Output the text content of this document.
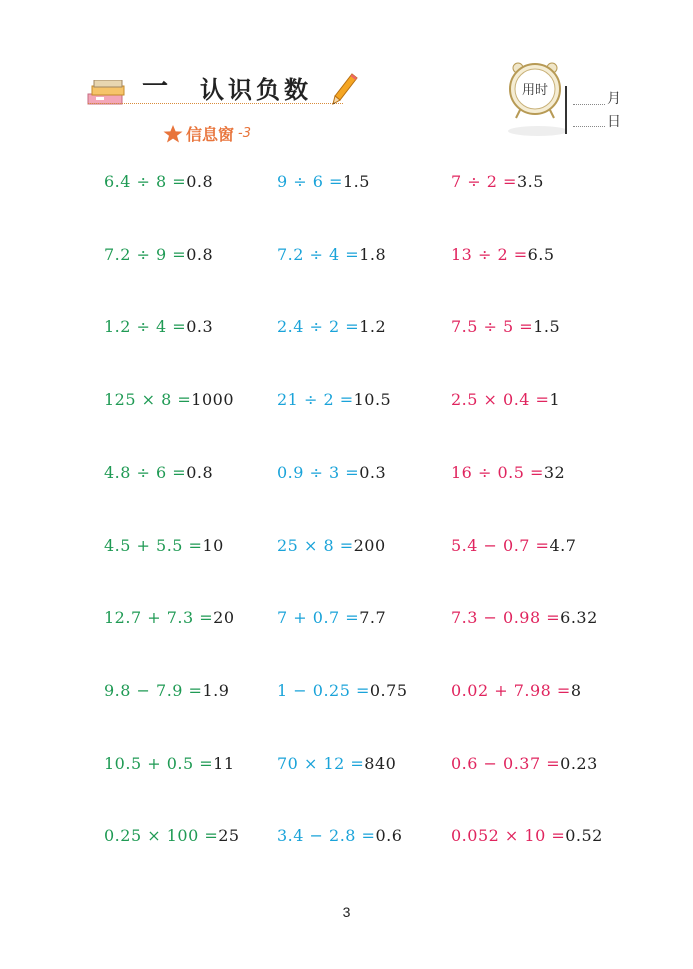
一 认识负数
信息窗 -3
用时
月
日
6.4 ÷ 8 =0.8
7.2 ÷ 9 =0.8
1.2 ÷ 4 =0.3
125 × 8 =1000
4.8 ÷ 6 =0.8
4.5 + 5.5 =10
12.7 + 7.3 =20
9.8 − 7.9 =1.9
10.5 + 0.5 =11
0.25 × 100 =25
9 ÷ 6 =1.5
7.2 ÷ 4 =1.8
2.4 ÷ 2 =1.2
21 ÷ 2 =10.5
0.9 ÷ 3 =0.3
25 × 8 =200
7 + 0.7 =7.7
1 − 0.25 =0.75
70 × 12 =840
3.4 − 2.8 =0.6
7 ÷ 2 =3.5
13 ÷ 2 =6.5
7.5 ÷ 5 =1.5
2.5 × 0.4 =1
16 ÷ 0.5 =32
5.4 − 0.7 =4.7
7.3 − 0.98 =6.32
0.02 + 7.98 =8
0.6 − 0.37 =0.23
0.052 × 10 =0.52
3
